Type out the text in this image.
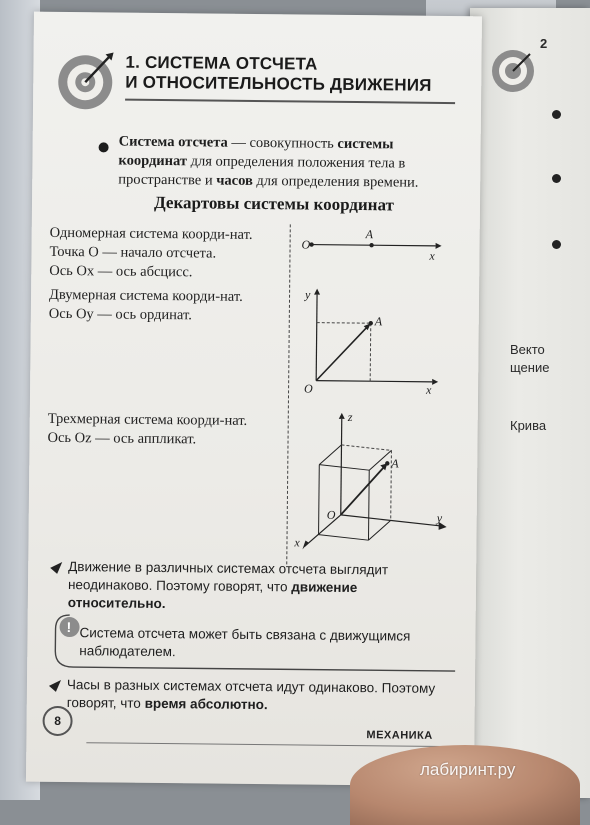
2
Векто
щение
Крива
1. СИСТЕМА ОТСЧЕТА
И ОТНОСИТЕЛЬНОСТЬ ДВИЖЕНИЯ
Система отсчета — совокупность системы координат для определения положения тела в пространстве и часов для определения времени.
Декартовы системы координат
Одномерная система коорди-нат.
Точка O — начало отсчета.
Ось Ox — ось абсцисс.
Двумерная система коорди-нат.
Ось Oy — ось ординат.
Трехмерная система коорди-нат.
Ось Oz — ось аппликат.
O
A
x
y
A
O	x
z
A
O	y
x
Движение в различных системах отсчета выглядит неодинаково. Поэтому говорят, что движение относительно.
! Система отсчета может быть связана с движущимся наблюдателем.
Часы в разных системах отсчета идут одинаково. Поэтому говорят, что время абсолютно.
8
МЕХАНИКА
лабиринт.ру
